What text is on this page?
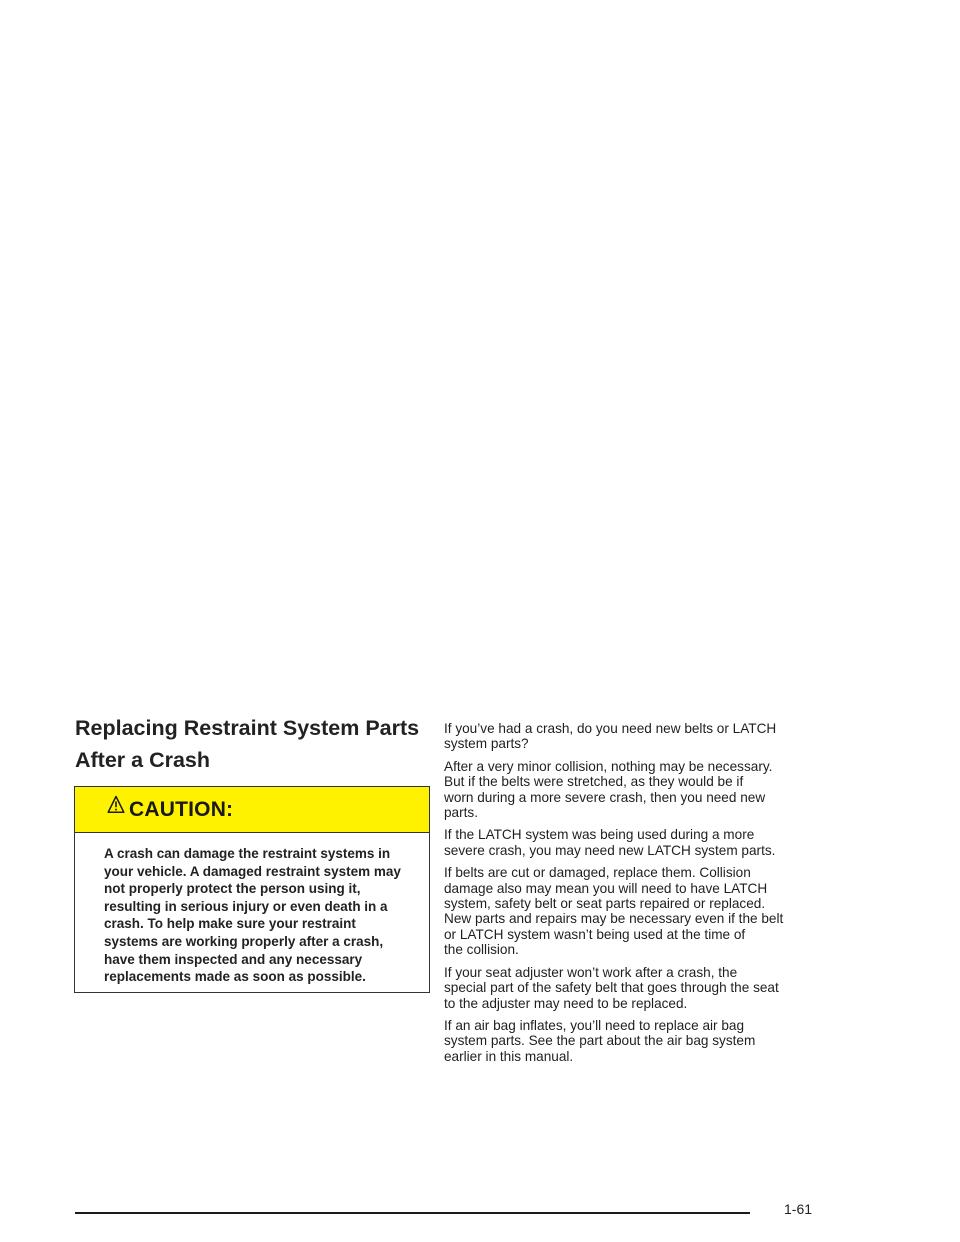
Replacing Restraint System Parts
After a Crash
CAUTION:

A crash can damage the restraint systems in
your vehicle. A damaged restraint system may
not properly protect the person using it,
resulting in serious injury or even death in a
crash. To help make sure your restraint
systems are working properly after a crash,
have them inspected and any necessary
replacements made as soon as possible.

If you’ve had a crash, do you need new belts or LATCH
system parts?

After a very minor collision, nothing may be necessary.
But if the belts were stretched, as they would be if
worn during a more severe crash, then you need new
parts.

If the LATCH system was being used during a more
severe crash, you may need new LATCH system parts.

If belts are cut or damaged, replace them. Collision
damage also may mean you will need to have LATCH
system, safety belt or seat parts repaired or replaced.
New parts and repairs may be necessary even if the belt
or LATCH system wasn’t being used at the time of
the collision.

If your seat adjuster won’t work after a crash, the
special part of the safety belt that goes through the seat
to the adjuster may need to be replaced.

If an air bag inflates, you’ll need to replace air bag
system parts. See the part about the air bag system
earlier in this manual.

1-61
